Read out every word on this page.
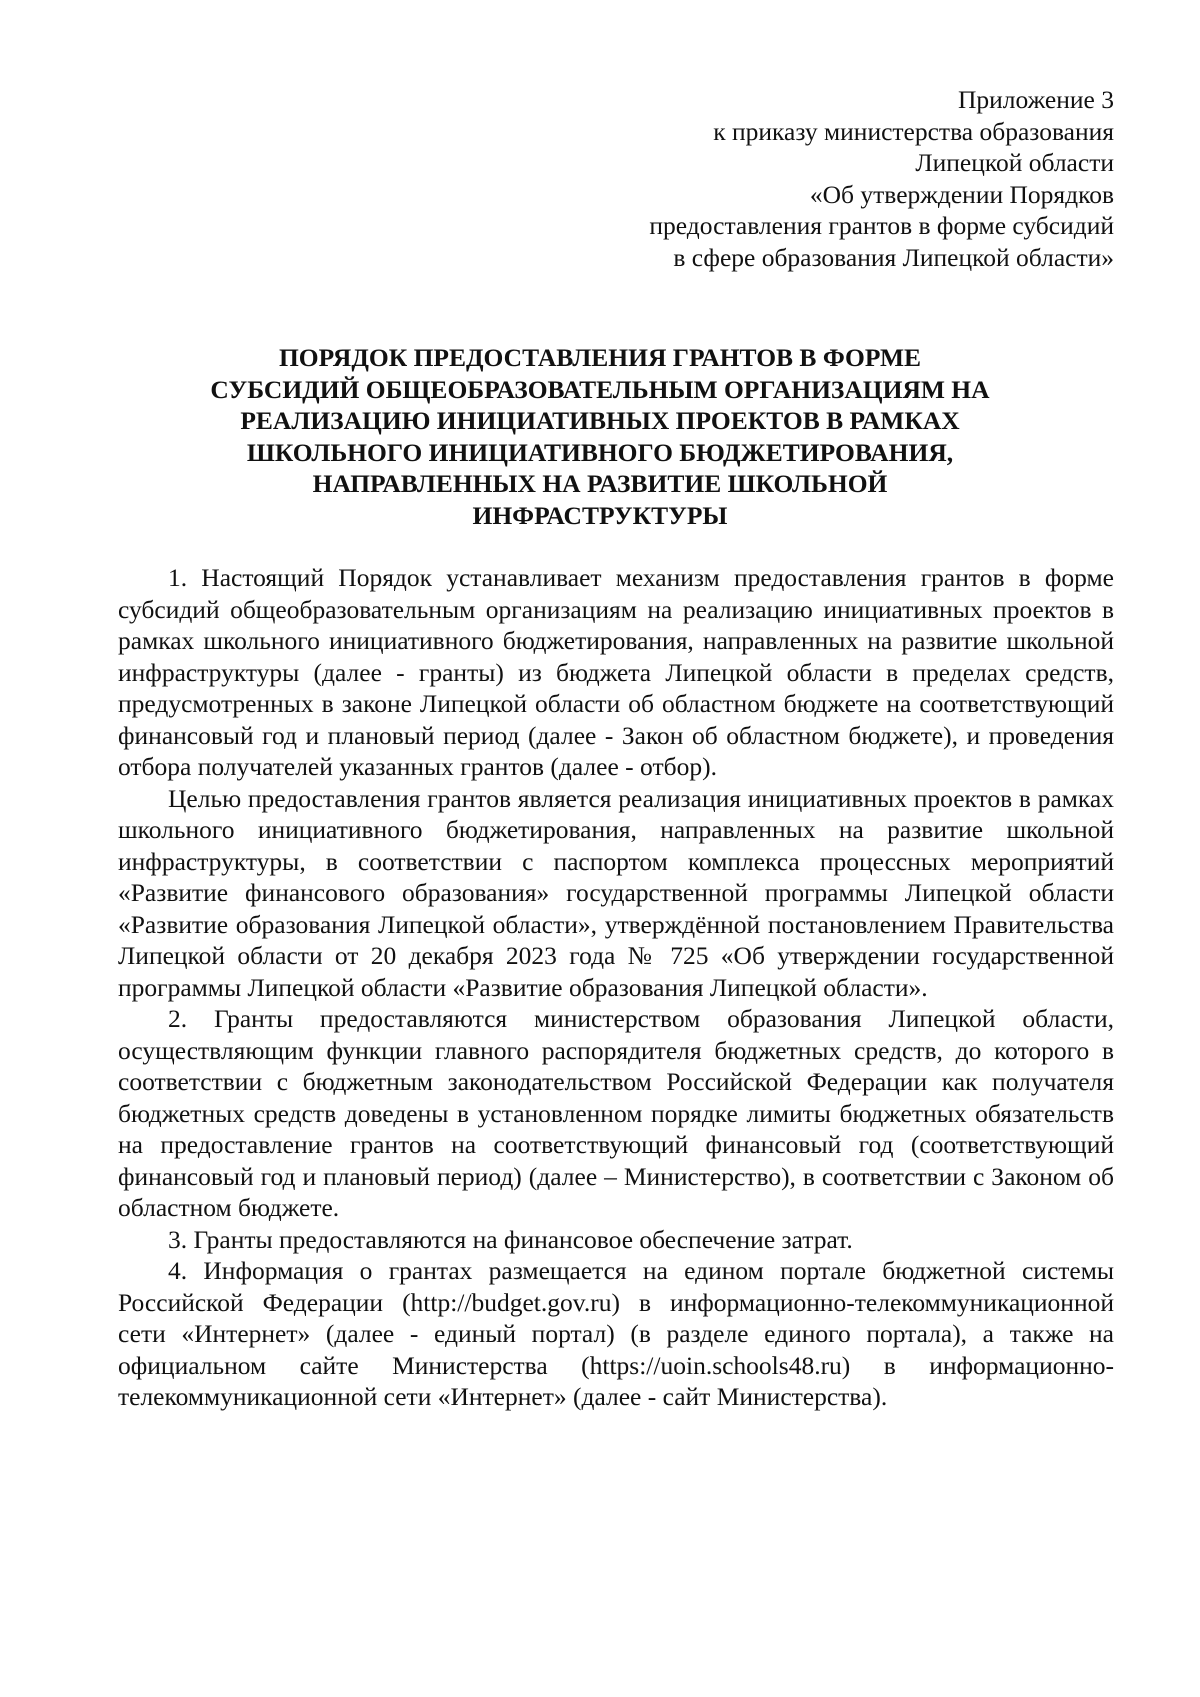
Приложение 3
к приказу министерства образования
Липецкой области
«Об утверждении Порядков
предоставления грантов в форме субсидий
в сфере образования Липецкой области»
ПОРЯДОК ПРЕДОСТАВЛЕНИЯ ГРАНТОВ В ФОРМЕ
СУБСИДИЙ ОБЩЕОБРАЗОВАТЕЛЬНЫМ ОРГАНИЗАЦИЯМ НА
РЕАЛИЗАЦИЮ ИНИЦИАТИВНЫХ ПРОЕКТОВ В РАМКАХ
ШКОЛЬНОГО ИНИЦИАТИВНОГО БЮДЖЕТИРОВАНИЯ,
НАПРАВЛЕННЫХ НА РАЗВИТИЕ ШКОЛЬНОЙ
ИНФРАСТРУКТУРЫ

1. Настоящий Порядок устанавливает механизм предоставления грантов в форме субсидий общеобразовательным организациям на реализацию инициативных проектов в рамках школьного инициативного бюджетирования, направленных на развитие школьной инфраструктуры (далее - гранты) из бюджета Липецкой области в пределах средств, предусмотренных в законе Липецкой области об областном бюджете на соответствующий финансовый год и плановый период (далее - Закон об областном бюджете), и проведения отбора получателей указанных грантов (далее - отбор).

Целью предоставления грантов является реализация инициативных проектов в рамках школьного инициативного бюджетирования, направленных на развитие школьной инфраструктуры, в соответствии с паспортом комплекса процессных мероприятий «Развитие финансового образования» государственной программы Липецкой области «Развитие образования Липецкой области», утверждённой постановлением Правительства Липецкой области от 20 декабря 2023 года № 725 «Об утверждении государственной программы Липецкой области «Развитие образования Липецкой области».

2. Гранты предоставляются министерством образования Липецкой области, осуществляющим функции главного распорядителя бюджетных средств, до которого в соответствии с бюджетным законодательством Российской Федерации как получателя бюджетных средств доведены в установленном порядке лимиты бюджетных обязательств на предоставление грантов на соответствующий финансовый год (соответствующий финансовый год и плановый период) (далее – Министерство), в соответствии с Законом об областном бюджете.

3. Гранты предоставляются на финансовое обеспечение затрат.

4. Информация о грантах размещается на едином портале бюджетной системы Российской Федерации (http://budget.gov.ru) в информационно-телекоммуникационной сети «Интернет» (далее - единый портал) (в разделе единого портала), а также на официальном сайте Министерства (https://uoin.schools48.ru) в информационно-телекоммуникационной сети «Интернет» (далее - сайт Министерства).
